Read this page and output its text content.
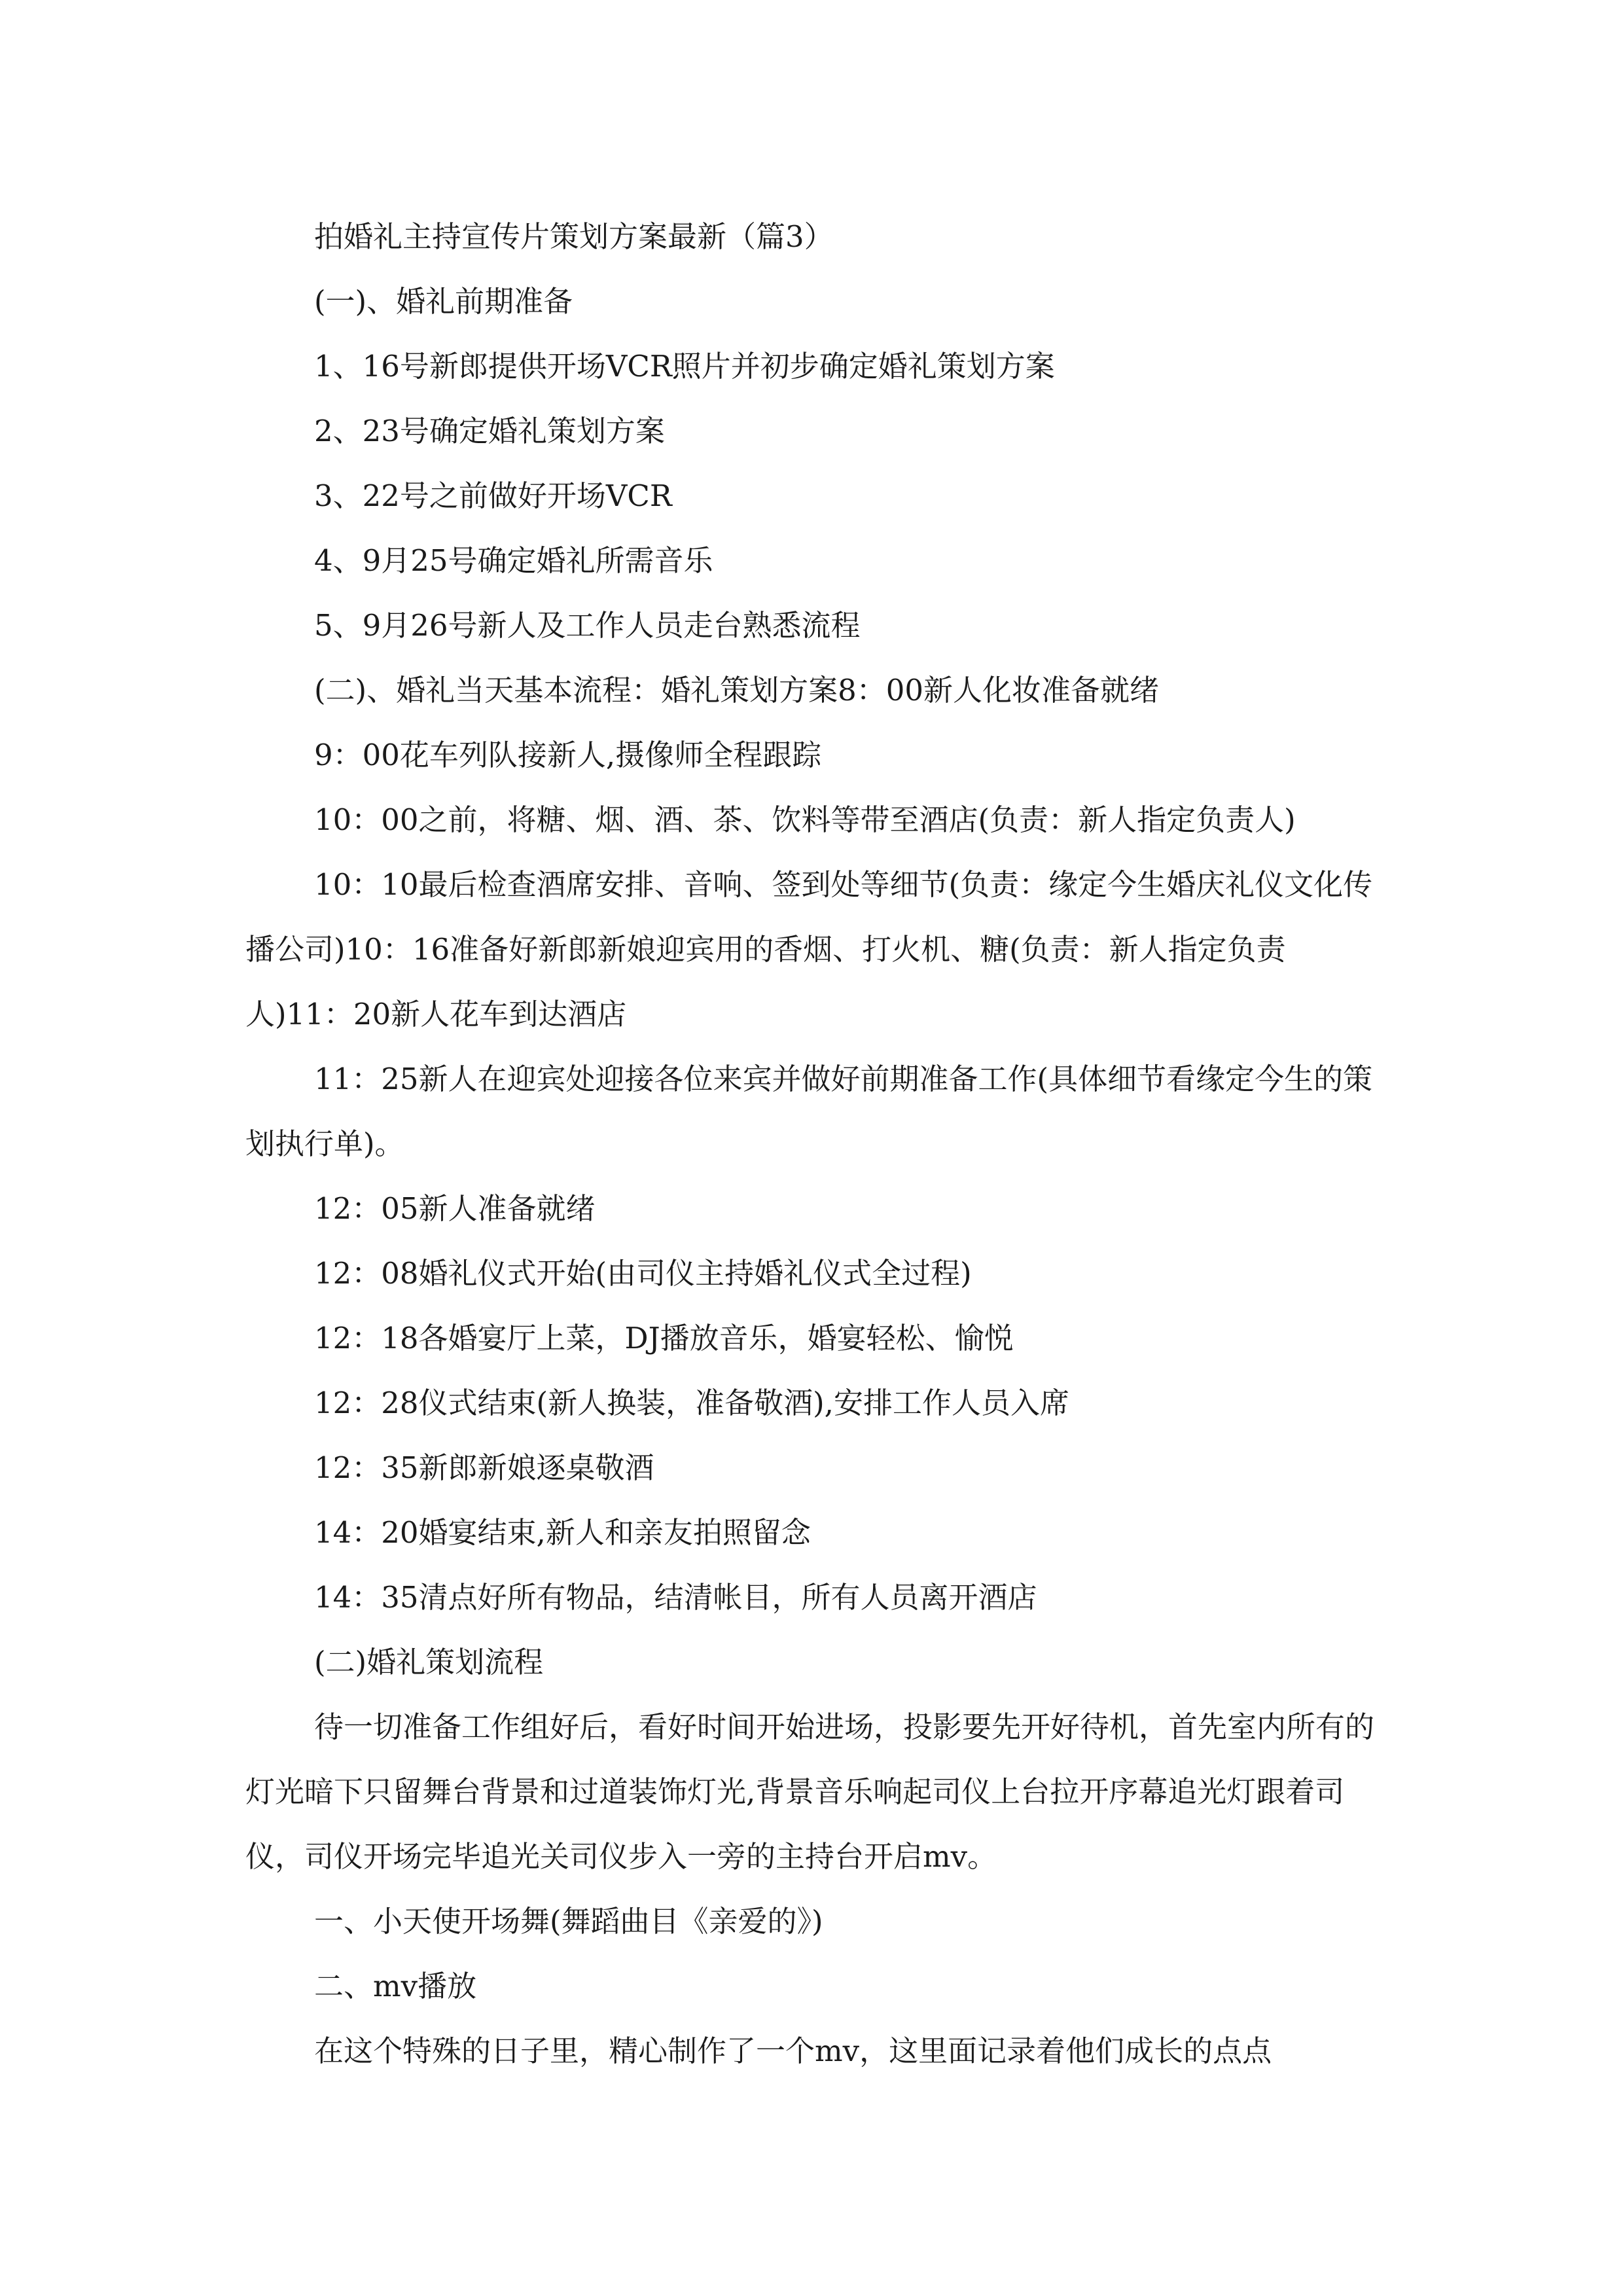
拍婚礼主持宣传片策划方案最新（篇3）

(一)、婚礼前期准备

1、16号新郎提供开场VCR照片并初步确定婚礼策划方案

2、23号确定婚礼策划方案

3、22号之前做好开场VCR

4、9月25号确定婚礼所需音乐

5、9月26号新人及工作人员走台熟悉流程

(二)、婚礼当天基本流程：婚礼策划方案8：00新人化妆准备就绪

9：00花车列队接新人,摄像师全程跟踪

10：00之前，将糖、烟、酒、茶、饮料等带至酒店(负责：新人指定负责人)

10：10最后检查酒席安排、音响、签到处等细节(负责：缘定今生婚庆礼仪文化传播公司)10：16准备好新郎新娘迎宾用的香烟、打火机、糖(负责：新人指定负责人)11：20新人花车到达酒店

11：25新人在迎宾处迎接各位来宾并做好前期准备工作(具体细节看缘定今生的策划执行单)。

12：05新人准备就绪

12：08婚礼仪式开始(由司仪主持婚礼仪式全过程)

12：18各婚宴厅上菜，DJ播放音乐，婚宴轻松、愉悦

12：28仪式结束(新人换装，准备敬酒),安排工作人员入席

12：35新郎新娘逐桌敬酒

14：20婚宴结束,新人和亲友拍照留念

14：35清点好所有物品，结清帐目，所有人员离开酒店

(二)婚礼策划流程

待一切准备工作组好后，看好时间开始进场，投影要先开好待机，首先室内所有的灯光暗下只留舞台背景和过道装饰灯光,背景音乐响起司仪上台拉开序幕追光灯跟着司仪，司仪开场完毕追光关司仪步入一旁的主持台开启mv。

一、小天使开场舞(舞蹈曲目《亲爱的》)

二、mv播放

在这个特殊的日子里，精心制作了一个mv，这里面记录着他们成长的点点
